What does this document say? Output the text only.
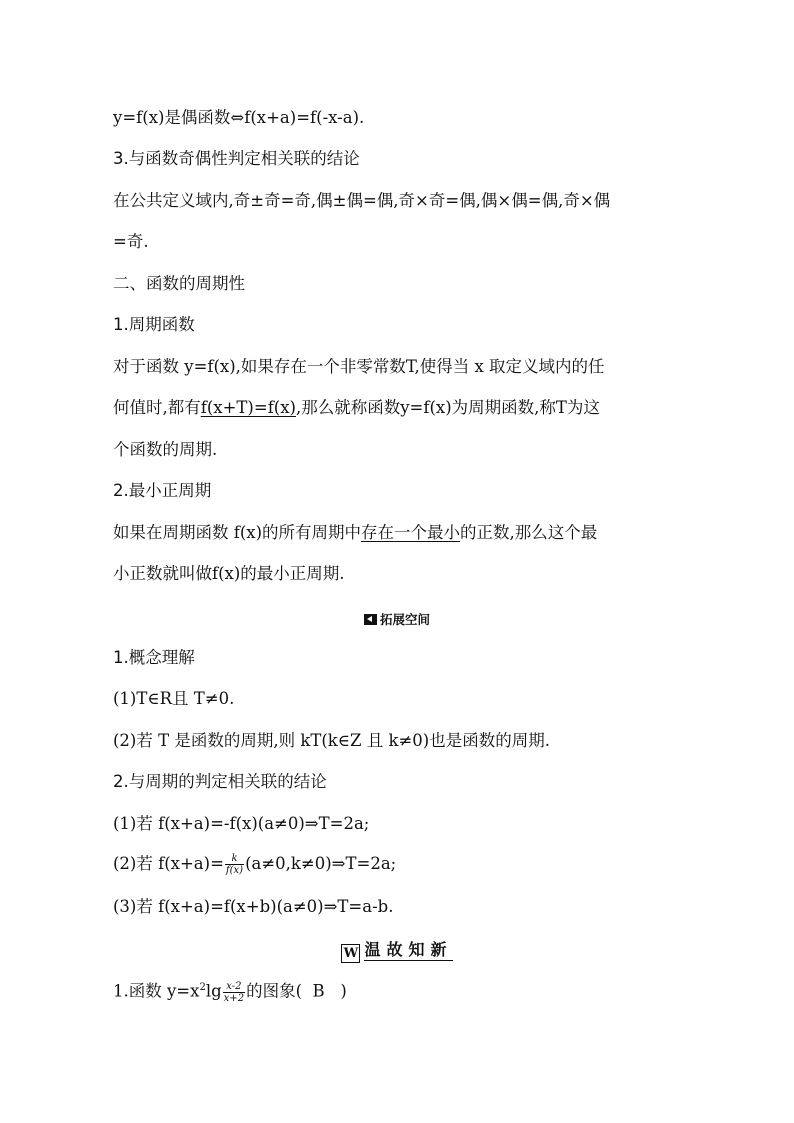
y=f(x)是偶函数⇔f(x+a)=f(-x-a).
3.与函数奇偶性判定相关联的结论
在公共定义域内,奇±奇=奇,偶±偶=偶,奇×奇=偶,偶×偶=偶,奇×偶
=奇.
二、函数的周期性
1.周期函数
对于函数 y=f(x),如果存在一个非零常数T,使得当 x 取定义域内的任
何值时,都有f(x+T)=f(x),那么就称函数y=f(x)为周期函数,称T为这
个函数的周期.
2.最小正周期
如果在周期函数 f(x)的所有周期中存在一个最小的正数,那么这个最
小正数就叫做f(x)的最小正周期.
拓展空间
1.概念理解
(1)T∈R且 T≠0.
(2)若 T 是函数的周期,则 kT(k∈Z 且 k≠0)也是函数的周期.
2.与周期的判定相关联的结论
(1)若 f(x+a)=-f(x)(a≠0)⇒T=2a;
(2)若 $f(x+a)= \frac{k}{f(x)}$ (a≠0,k≠0)⇒T=2a;
(3)若 f(x+a)=f(x+b)(a≠0)⇒T=a-b.
W 温故知新
1.函数 $y=x^2\lg \frac{x-2}{x+2}$ 的图象( B )
